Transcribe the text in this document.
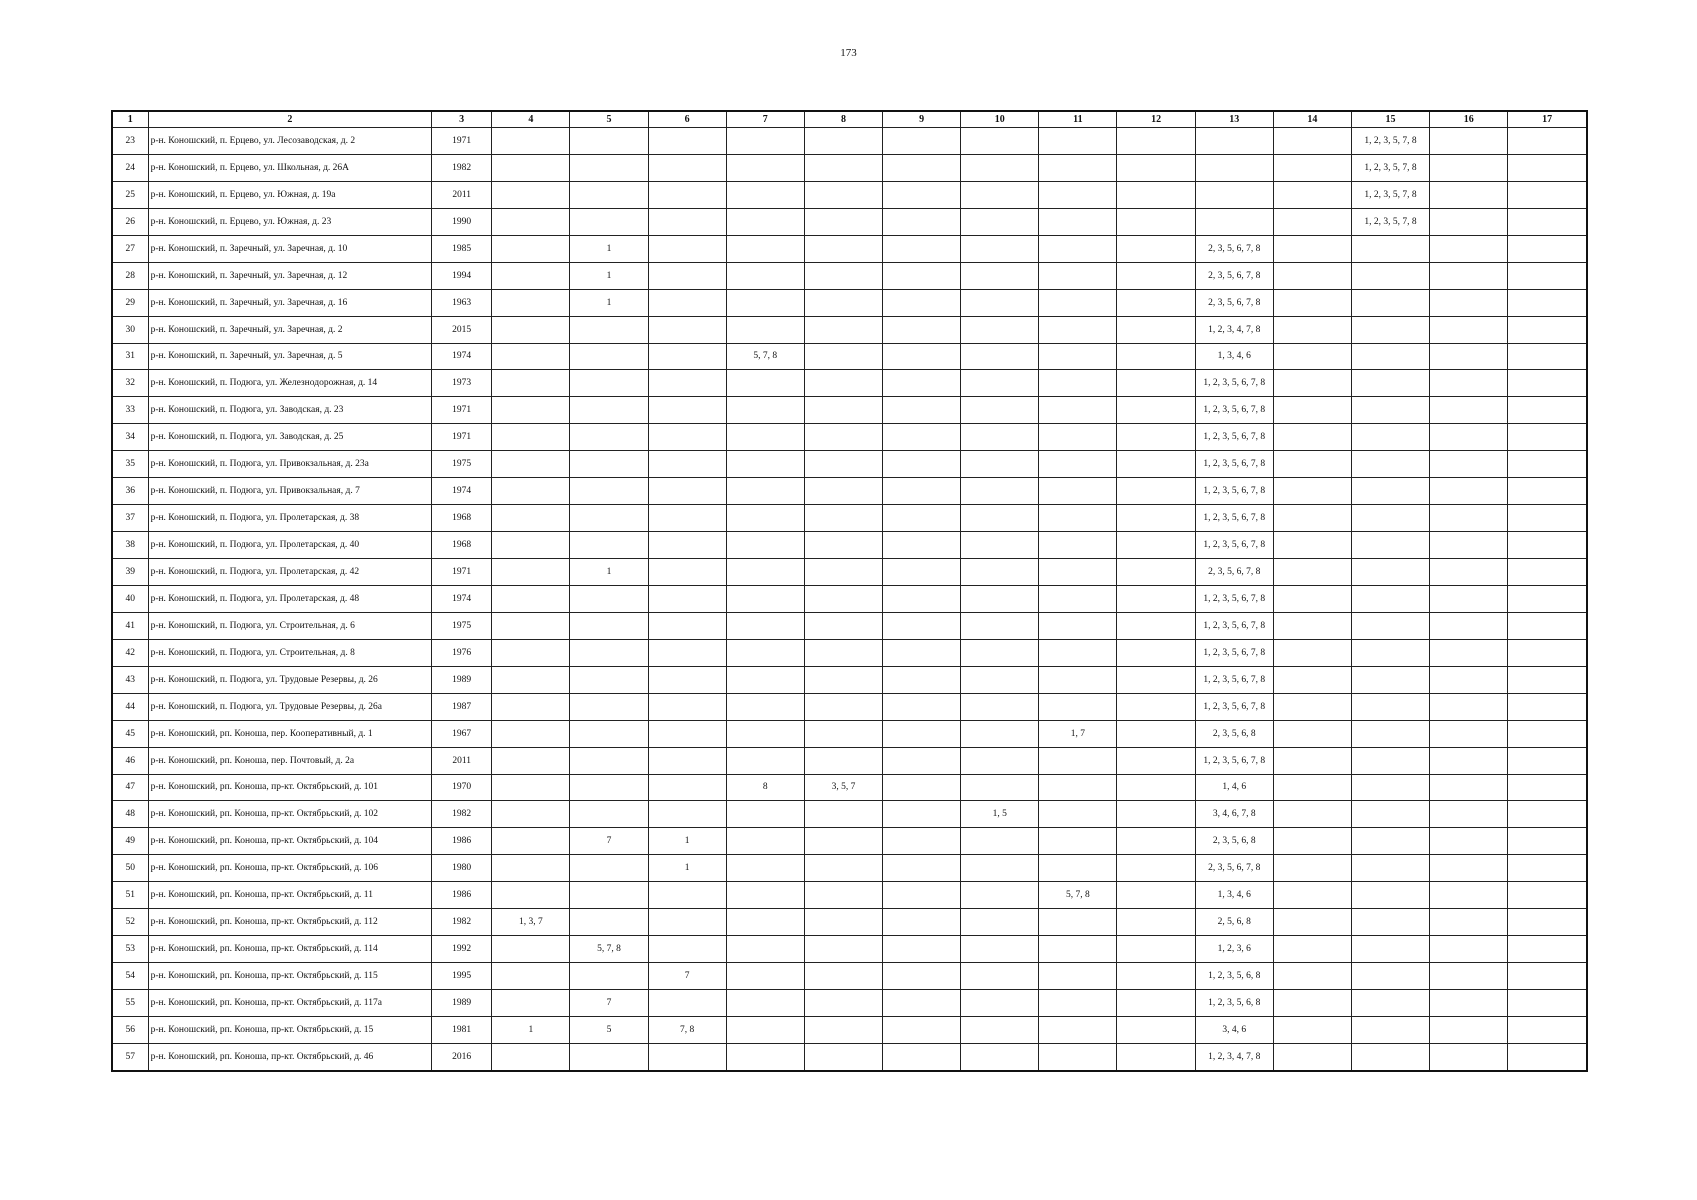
173
1	2	3	4	5	6	7	8	9	10	11	12	13	14	15	16	17
23	р-н. Коношский, п. Ерцево, ул. Лесозаводская, д. 2	1971												1, 2, 3, 5, 7, 8		
24	р-н. Коношский, п. Ерцево, ул. Школьная, д. 26А	1982												1, 2, 3, 5, 7, 8		
25	р-н. Коношский, п. Ерцево, ул. Южная, д. 19а	2011												1, 2, 3, 5, 7, 8		
26	р-н. Коношский, п. Ерцево, ул. Южная, д. 23	1990												1, 2, 3, 5, 7, 8		
27	р-н. Коношский, п. Заречный, ул. Заречная, д. 10	1985		1								2, 3, 5, 6, 7, 8				
28	р-н. Коношский, п. Заречный, ул. Заречная, д. 12	1994		1								2, 3, 5, 6, 7, 8				
29	р-н. Коношский, п. Заречный, ул. Заречная, д. 16	1963		1								2, 3, 5, 6, 7, 8				
30	р-н. Коношский, п. Заречный, ул. Заречная, д. 2	2015										1, 2, 3, 4, 7, 8				
31	р-н. Коношский, п. Заречный, ул. Заречная, д. 5	1974				5, 7, 8						1, 3, 4, 6				
32	р-н. Коношский, п. Подюга, ул. Железнодорожная, д. 14	1973										1, 2, 3, 5, 6, 7, 8				
33	р-н. Коношский, п. Подюга, ул. Заводская, д. 23	1971										1, 2, 3, 5, 6, 7, 8				
34	р-н. Коношский, п. Подюга, ул. Заводская, д. 25	1971										1, 2, 3, 5, 6, 7, 8				
35	р-н. Коношский, п. Подюга, ул. Привокзальная, д. 23а	1975										1, 2, 3, 5, 6, 7, 8				
36	р-н. Коношский, п. Подюга, ул. Привокзальная, д. 7	1974										1, 2, 3, 5, 6, 7, 8				
37	р-н. Коношский, п. Подюга, ул. Пролетарская, д. 38	1968										1, 2, 3, 5, 6, 7, 8				
38	р-н. Коношский, п. Подюга, ул. Пролетарская, д. 40	1968										1, 2, 3, 5, 6, 7, 8				
39	р-н. Коношский, п. Подюга, ул. Пролетарская, д. 42	1971		1								2, 3, 5, 6, 7, 8				
40	р-н. Коношский, п. Подюга, ул. Пролетарская, д. 48	1974										1, 2, 3, 5, 6, 7, 8				
41	р-н. Коношский, п. Подюга, ул. Строительная, д. 6	1975										1, 2, 3, 5, 6, 7, 8				
42	р-н. Коношский, п. Подюга, ул. Строительная, д. 8	1976										1, 2, 3, 5, 6, 7, 8				
43	р-н. Коношский, п. Подюга, ул. Трудовые Резервы, д. 26	1989										1, 2, 3, 5, 6, 7, 8				
44	р-н. Коношский, п. Подюга, ул. Трудовые Резервы, д. 26а	1987										1, 2, 3, 5, 6, 7, 8				
45	р-н. Коношский, рп. Коноша, пер. Кооперативный, д. 1	1967								1, 7		2, 3, 5, 6, 8				
46	р-н. Коношский, рп. Коноша, пер. Почтовый, д. 2а	2011										1, 2, 3, 5, 6, 7, 8				
47	р-н. Коношский, рп. Коноша, пр-кт. Октябрьский, д. 101	1970				8	3, 5, 7					1, 4, 6				
48	р-н. Коношский, рп. Коноша, пр-кт. Октябрьский, д. 102	1982							1, 5			3, 4, 6, 7, 8				
49	р-н. Коношский, рп. Коноша, пр-кт. Октябрьский, д. 104	1986		7	1							2, 3, 5, 6, 8				
50	р-н. Коношский, рп. Коноша, пр-кт. Октябрьский, д. 106	1980			1							2, 3, 5, 6, 7, 8				
51	р-н. Коношский, рп. Коноша, пр-кт. Октябрьский, д. 11	1986								5, 7, 8		1, 3, 4, 6				
52	р-н. Коношский, рп. Коноша, пр-кт. Октябрьский, д. 112	1982	1, 3, 7									2, 5, 6, 8				
53	р-н. Коношский, рп. Коноша, пр-кт. Октябрьский, д. 114	1992		5, 7, 8								1, 2, 3, 6				
54	р-н. Коношский, рп. Коноша, пр-кт. Октябрьский, д. 115	1995			7							1, 2, 3, 5, 6, 8				
55	р-н. Коношский, рп. Коноша, пр-кт. Октябрьский, д. 117а	1989		7								1, 2, 3, 5, 6, 8				
56	р-н. Коношский, рп. Коноша, пр-кт. Октябрьский, д. 15	1981	1	5	7, 8							3, 4, 6				
57	р-н. Коношский, рп. Коноша, пр-кт. Октябрьский, д. 46	2016										1, 2, 3, 4, 7, 8				
